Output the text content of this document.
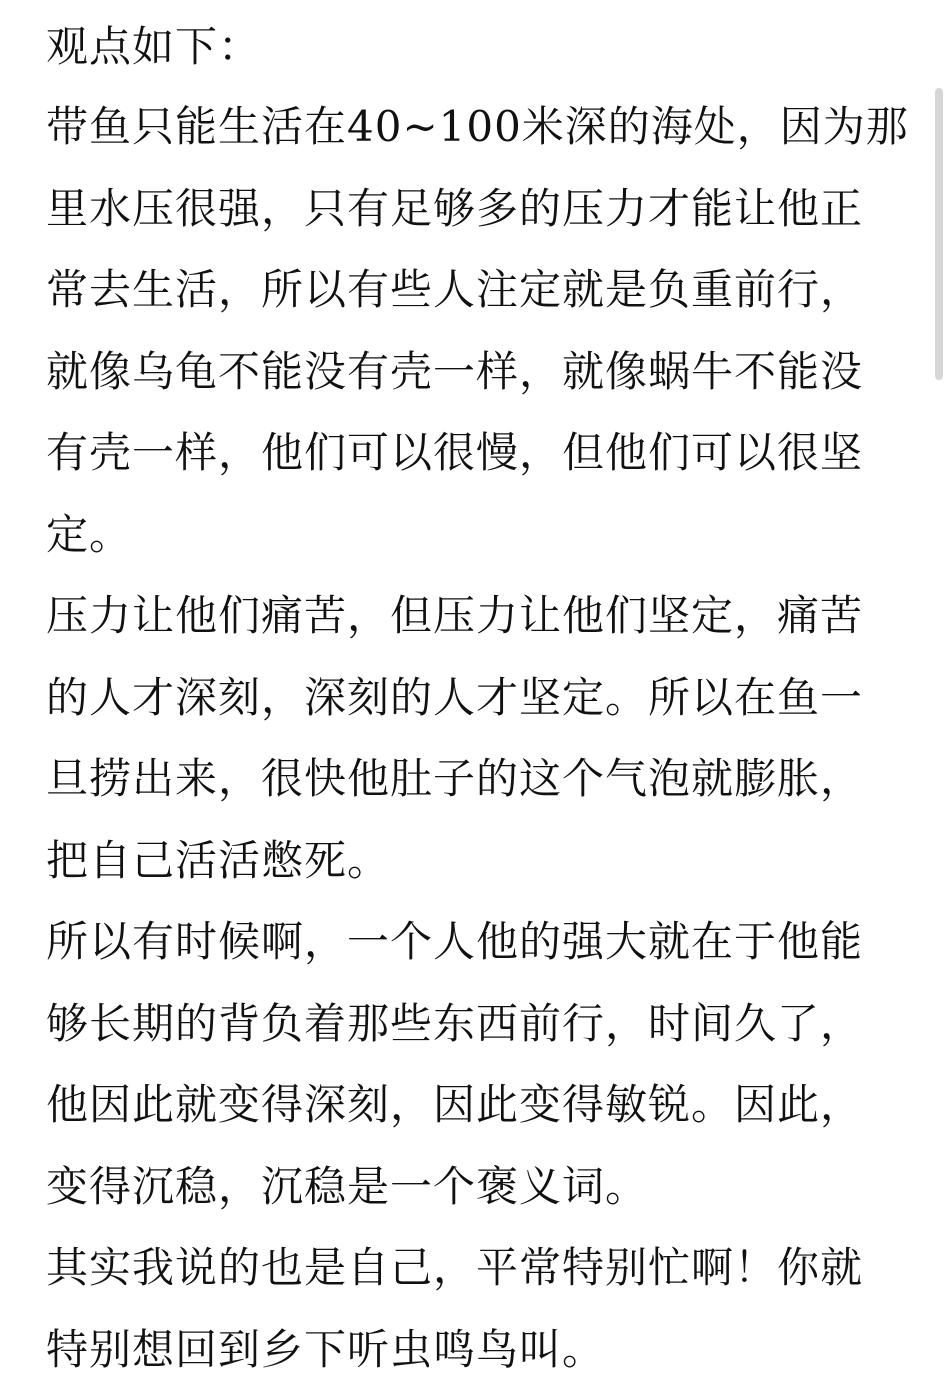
观点如下：
带鱼只能生活在40~100米深的海处，因为那
里水压很强，只有足够多的压力才能让他正
常去生活，所以有些人注定就是负重前行，
就像乌龟不能没有壳一样，就像蜗牛不能没
有壳一样，他们可以很慢，但他们可以很坚
定。
压力让他们痛苦，但压力让他们坚定，痛苦
的人才深刻，深刻的人才坚定。所以在鱼一
旦捞出来，很快他肚子的这个气泡就膨胀，
把自己活活憋死。
所以有时候啊，一个人他的强大就在于他能
够长期的背负着那些东西前行，时间久了，
他因此就变得深刻，因此变得敏锐。因此，
变得沉稳，沉稳是一个褒义词。
其实我说的也是自己，平常特别忙啊！你就
特别想回到乡下听虫鸣鸟叫。
